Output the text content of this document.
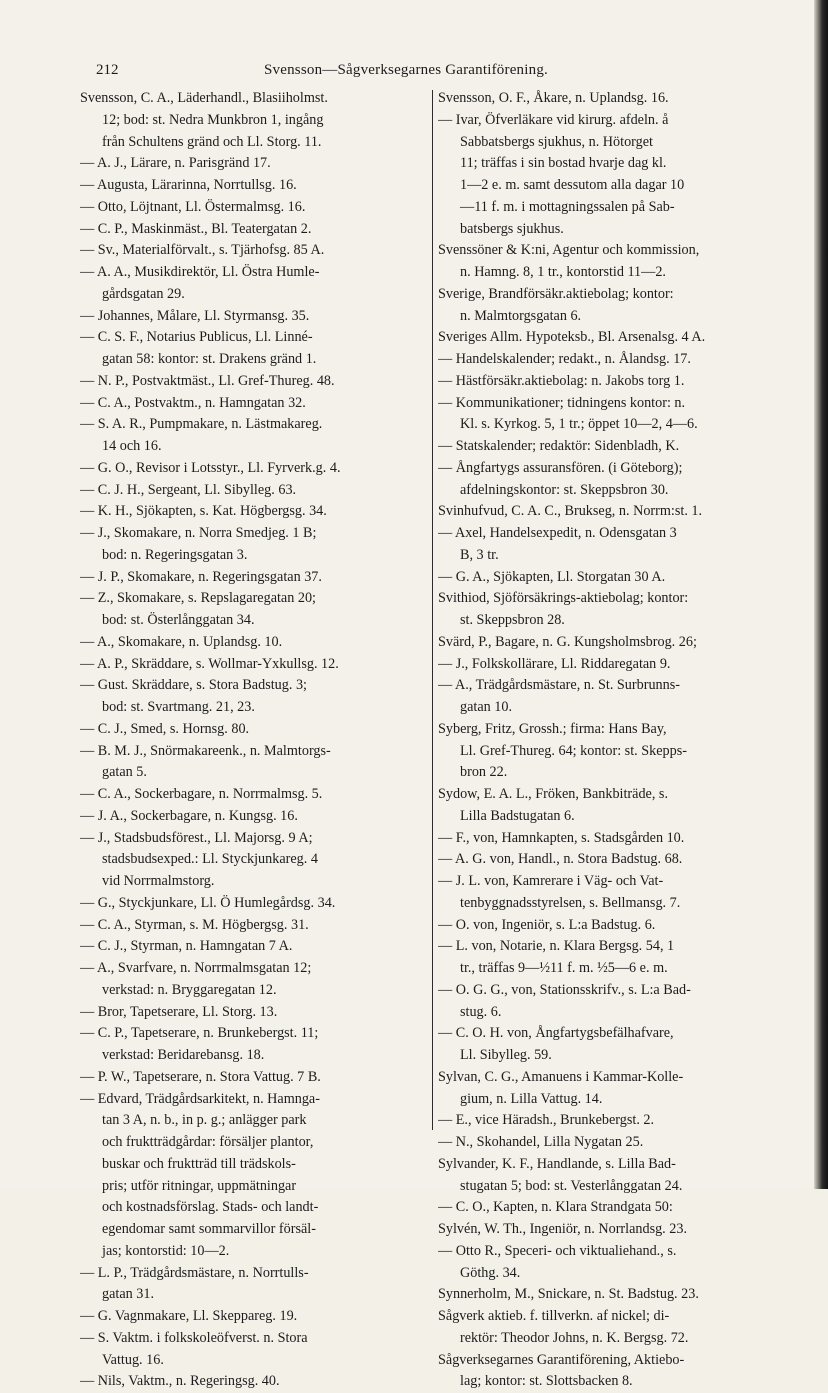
212	Svensson—Sågverksegarnes Garantiförening.
Svensson, C. A., Läderhandl., Blasiiholmst.
12; bod: st. Nedra Munkbron 1, ingång
från Schultens gränd och Ll. Storg. 11.
— A. J., Lärare, n. Parisgränd 17.
— Augusta, Lärarinna, Norrtullsg. 16.
— Otto, Löjtnant, Ll. Östermalmsg. 16.
— C. P., Maskinmäst., Bl. Teatergatan 2.
— Sv., Materialförvalt., s. Tjärhofsg. 85 A.
— A. A., Musikdirektör, Ll. Östra Humle-
gårdsgatan 29.
— Johannes, Målare, Ll. Styrmansg. 35.
— C. S. F., Notarius Publicus, Ll. Linné-
gatan 58: kontor: st. Drakens gränd 1.
— N. P., Postvaktmäst., Ll. Gref-Thureg. 48.
— C. A., Postvaktm., n. Hamngatan 32.
— S. A. R., Pumpmakare, n. Lästmakareg.
14 och 16.
— G. O., Revisor i Lotsstyr., Ll. Fyrverk.g. 4.
— C. J. H., Sergeant, Ll. Sibylleg. 63.
— K. H., Sjökapten, s. Kat. Högbergsg. 34.
— J., Skomakare, n. Norra Smedjeg. 1 B;
bod: n. Regeringsgatan 3.
— J. P., Skomakare, n. Regeringsgatan 37.
— Z., Skomakare, s. Repslagaregatan 20;
bod: st. Österlånggatan 34.
— A., Skomakare, n. Uplandsg. 10.
— A. P., Skräddare, s. Wollmar-Yxkullsg. 12.
— Gust. Skräddare, s. Stora Badstug. 3;
bod: st. Svartmang. 21, 23.
— C. J., Smed, s. Hornsg. 80.
— B. M. J., Snörmakareenk., n. Malmtorgs-
gatan 5.
— C. A., Sockerbagare, n. Norrmalmsg. 5.
— J. A., Sockerbagare, n. Kungsg. 16.
— J., Stadsbudsförest., Ll. Majorsg. 9 A;
stadsbudsexped.: Ll. Styckjunkareg. 4
vid Norrmalmstorg.
— G., Styckjunkare, Ll. Ö Humlegårdsg. 34.
— C. A., Styrman, s. M. Högbergsg. 31.
— C. J., Styrman, n. Hamngatan 7 A.
— A., Svarfvare, n. Norrmalmsgatan 12;
verkstad: n. Bryggaregatan 12.
— Bror, Tapetserare, Ll. Storg. 13.
— C. P., Tapetserare, n. Brunkebergst. 11;
verkstad: Beridarebansg. 18.
— P. W., Tapetserare, n. Stora Vattug. 7 B.
— Edvard, Trädgårdsarkitekt, n. Hamnga-
tan 3 A, n. b., in p. g.; anlägger park
och fruktträdgårdar: försäljer plantor,
buskar och fruktträd till trädskols-
pris; utför ritningar, uppmätningar
och kostnadsförslag. Stads- och landt-
egendomar samt sommarvillor försäl-
jas; kontorstid: 10—2.
— L. P., Trädgårdsmästare, n. Norrtulls-
gatan 31.
— G. Vagnmakare, Ll. Skeppareg. 19.
— S. Vaktm. i folkskoleöfverst. n. Stora
Vattug. 16.
— Nils, Vaktm., n. Regeringsg. 40.
Svensson, O. F., Åkare, n. Uplandsg. 16.
— Ivar, Öfverläkare vid kirurg. afdeln. å
Sabbatsbergs sjukhus, n. Hötorget
11; träffas i sin bostad hvarje dag kl.
1—2 e. m. samt dessutom alla dagar 10
—11 f. m. i mottagningssalen på Sab-
batsbergs sjukhus.
Svenssöner & K:ni, Agentur och kommission,
n. Hamng. 8, 1 tr., kontorstid 11—2.
Sverige, Brandförsäkr.aktiebolag; kontor:
n. Malmtorgsgatan 6.
Sveriges Allm. Hypoteksb., Bl. Arsenalsg. 4 A.
— Handelskalender; redakt., n. Ålandsg. 17.
— Hästförsäkr.aktiebolag: n. Jakobs torg 1.
— Kommunikationer; tidningens kontor: n.
Kl. s. Kyrkog. 5, 1 tr.; öppet 10—2, 4—6.
— Statskalender; redaktör: Sidenbladh, K.
— Ångfartygs assuransfören. (i Göteborg);
afdelningskontor: st. Skeppsbron 30.
Svinhufvud, C. A. C., Brukseg, n. Norrm:st. 1.
— Axel, Handelsexpedit, n. Odensgatan 3
B, 3 tr.
— G. A., Sjökapten, Ll. Storgatan 30 A.
Svithiod, Sjöförsäkrings-aktiebolag; kontor:
st. Skeppsbron 28.
Svärd, P., Bagare, n. G. Kungsholmsbrog. 26;
— J., Folkskollärare, Ll. Riddaregatan 9.
— A., Trädgårdsmästare, n. St. Surbrunns-
gatan 10.
Syberg, Fritz, Grossh.; firma: Hans Bay,
Ll. Gref-Thureg. 64; kontor: st. Skepps-
bron 22.
Sydow, E. A. L., Fröken, Bankbiträde, s.
Lilla Badstugatan 6.
— F., von, Hamnkapten, s. Stadsgården 10.
— A. G. von, Handl., n. Stora Badstug. 68.
— J. L. von, Kamrerare i Väg- och Vat-
tenbyggnadsstyrelsen, s. Bellmansg. 7.
— O. von, Ingeniör, s. L:a Badstug. 6.
— L. von, Notarie, n. Klara Bergsg. 54, 1
tr., träffas 9—½11 f. m. ½5—6 e. m.
— O. G. G., von, Stationsskrifv., s. L:a Bad-
stug. 6.
— C. O. H. von, Ångfartygsbefälhafvare,
Ll. Sibylleg. 59.
Sylvan, C. G., Amanuens i Kammar-Kolle-
gium, n. Lilla Vattug. 14.
— E., vice Häradsh., Brunkebergst. 2.
— N., Skohandel, Lilla Nygatan 25.
Sylvander, K. F., Handlande, s. Lilla Bad-
stugatan 5; bod: st. Vesterlånggatan 24.
— C. O., Kapten, n. Klara Strandgata 50:
Sylvén, W. Th., Ingeniör, n. Norrlandsg. 23.
— Otto R., Speceri- och viktualiehand., s.
Göthg. 34.
Synnerholm, M., Snickare, n. St. Badstug. 23.
Sågverk aktieb. f. tillverkn. af nickel; di-
rektör: Theodor Johns, n. K. Bergsg. 72.
Sågverksegarnes Garantiförening, Aktiebo-
lag; kontor: st. Slottsbacken 8.
